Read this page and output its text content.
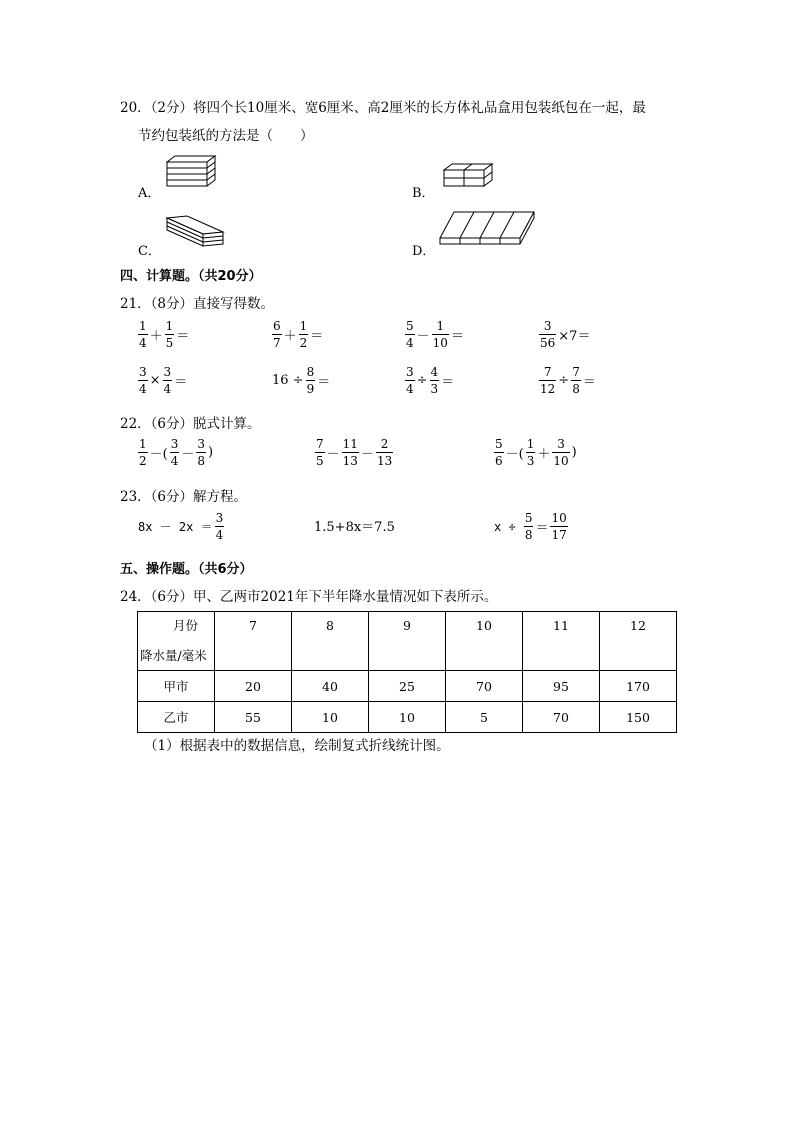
20．（2分）将四个长10厘米、宽6厘米、高2厘米的长方体礼品盒用包装纸包在一起，最
节约包装纸的方法是（　　）
A．	B．
C．	D．
四、计算题。（共20分）
21．（8分）直接写得数。
$\frac{1}{4} + \frac{1}{5}$ ＝	$\frac{6}{7} + \frac{1}{2}$ ＝	$\frac{5}{4} - \frac{1}{10}$ ＝	$\frac{3}{56} \times 7=$
$\frac{3}{4} \times \frac{3}{4}$ ＝	$16 \div \frac{8}{9}$ ＝	$\frac{3}{4} \div \frac{4}{3}$ ＝	$\frac{7}{12} \div \frac{7}{8}$ ＝
22．（6分）脱式计算。
$\frac{1}{2}$ －( $\frac{3}{4} - \frac{3}{8}$ )	$\frac{7}{5} - \frac{11}{13} - \frac{2}{13}$	$\frac{5}{6}$ －( $\frac{1}{3} + \frac{3}{10}$ )
23．（6分）解方程。
$8x - 2x = \frac{3}{4}$	1.5+8x＝7.5	x ÷
$\frac{5}{8} = \frac{10}{17}$
五、操作题。（共6分）
24．（6分）甲、乙两市2021年下半年降水量情况如下表所示。
月份
降水量/毫米	7	8	9	10	11	12
甲市	20	40	25	70	95	170
乙市	55	10	10	5	70	150
（1）根据表中的数据信息，绘制复式折线统计图。
